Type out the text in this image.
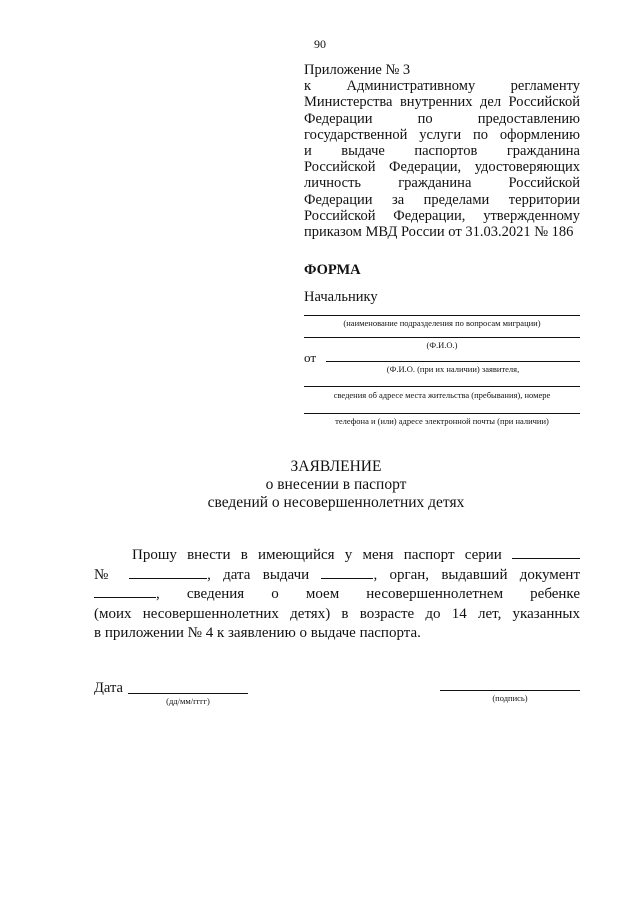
90
Приложение № 3
к Административному регламенту
Министерства внутренних дел Российской
Федерации по предоставлению
государственной услуги по оформлению
и выдаче паспортов гражданина
Российской Федерации, удостоверяющих
личность гражданина Российской
Федерации за пределами территории
Российской Федерации, утвержденному
приказом МВД России от 31.03.2021 № 186
ФОРМА
Начальнику
(наименование подразделения по вопросам миграции)
(Ф.И.О.)
от
(Ф.И.О. (при их наличии) заявителя,
сведения об адресе места жительства (пребывания), номере
телефона и (или) адресе электронной почты (при наличии)
ЗАЯВЛЕНИЕ
о внесении в паспорт
сведений о несовершеннолетних детях
Прошу внести в имеющийся у меня паспорт серии
№	, дата выдачи	, орган, выдавший документ
, сведения о моем несовершеннолетнем ребенке
(моих несовершеннолетних детях) в возрасте до 14 лет, указанных
в приложении № 4 к заявлению о выдаче паспорта.
Дата
(дд/мм/гггг)	(подпись)
